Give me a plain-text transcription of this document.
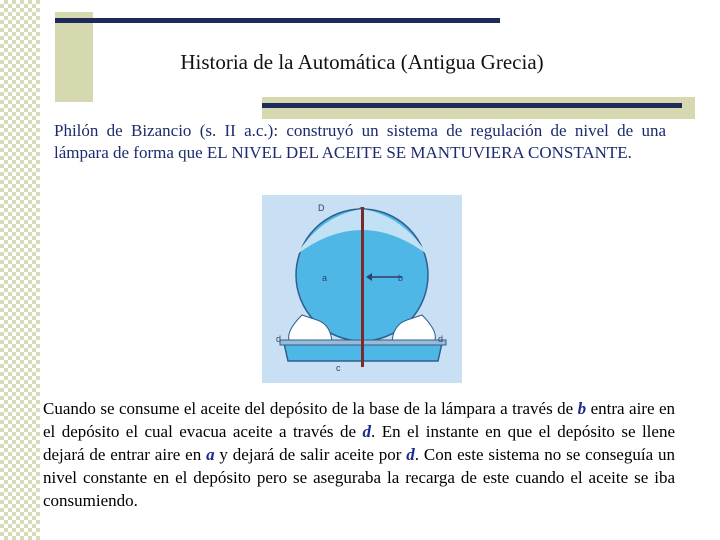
Historia de la Automática (Antigua Grecia)
Philón de Bizancio (s. II a.c.): construyó un sistema de regulación de nivel de una lámpara de forma que EL NIVEL DEL ACEITE SE MANTUVIERA CONSTANTE.
D
a	b
d	d
c
Cuando se consume el aceite del depósito de la base de la lámpara a través de b entra aire en el depósito el cual evacua aceite a través de d. En el instante en que el depósito se llene dejará de entrar aire en a y dejará de salir aceite por d. Con este sistema no se conseguía un nivel constante en el depósito pero se aseguraba la recarga de este cuando el aceite se iba consumiendo.
